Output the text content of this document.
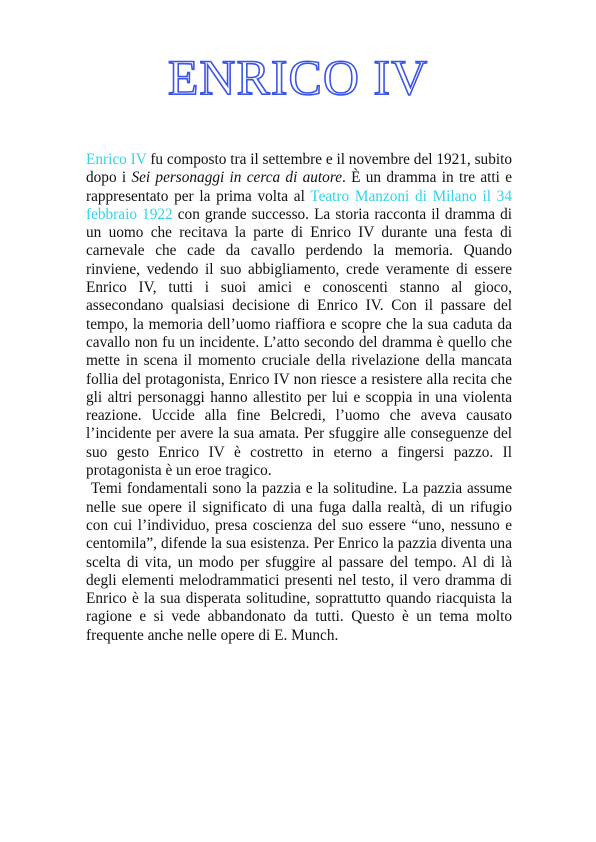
ENRICO IV

Enrico IV fu composto tra il settembre e il novembre del 1921, subito dopo i Sei personaggi in cerca di autore. È un dramma in tre atti e rappresentato per la prima volta al Teatro Manzoni di Milano il 34 febbraio 1922 con grande successo. La storia racconta il dramma di un uomo che recitava la parte di Enrico IV durante una festa di carnevale che cade da cavallo perdendo la memoria. Quando rinviene, vedendo il suo abbigliamento, crede veramente di essere Enrico IV, tutti i suoi amici e conoscenti stanno al gioco, assecondano qualsiasi decisione di Enrico IV. Con il passare del tempo, la memoria dell’uomo riaffiora e scopre che la sua caduta da cavallo non fu un incidente. L’atto secondo del dramma è quello che mette in scena il momento cruciale della rivelazione della mancata follia del protagonista, Enrico IV non riesce a resistere alla recita che gli altri personaggi hanno allestito per lui e scoppia in una violenta reazione. Uccide alla fine Belcredi, l’uomo che aveva causato l’incidente per avere la sua amata. Per sfuggire alle conseguenze del suo gesto Enrico IV è costretto in eterno a fingersi pazzo. Il protagonista è un eroe tragico.

Temi fondamentali sono la pazzia e la solitudine. La pazzia assume nelle sue opere il significato di una fuga dalla realtà, di un rifugio con cui l’individuo, presa coscienza del suo essere “uno, nessuno e centomila”, difende la sua esistenza. Per Enrico la pazzia diventa una scelta di vita, un modo per sfuggire al passare del tempo. Al di là degli elementi melodrammatici presenti nel testo, il vero dramma di Enrico è la sua disperata solitudine, soprattutto quando riacquista la ragione e si vede abbandonato da tutti. Questo è un tema molto frequente anche nelle opere di E. Munch.
